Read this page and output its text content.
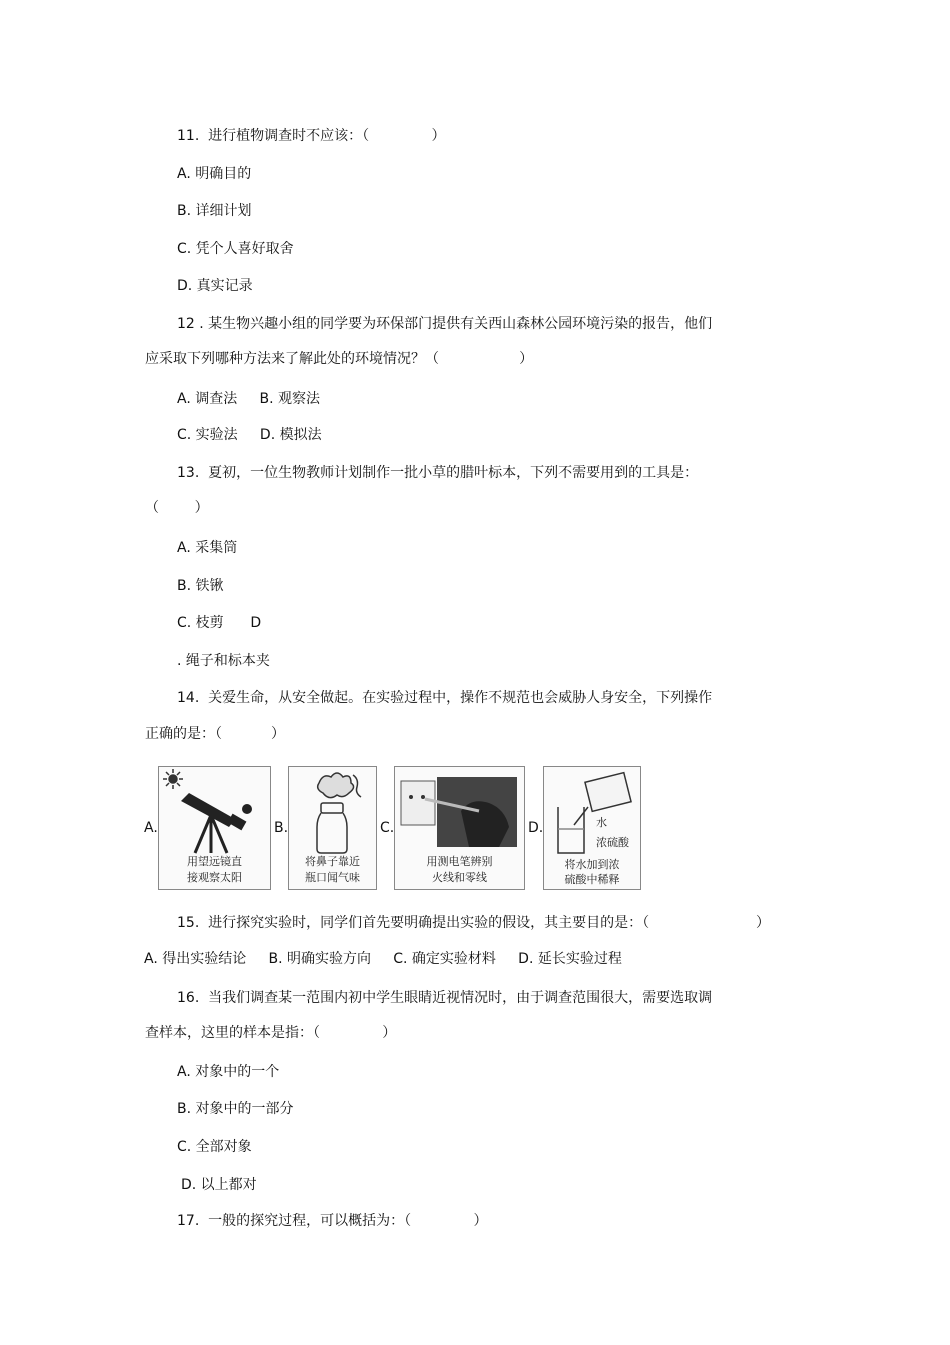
11.  进行植物调查时不应该：（              ）
A. 明确目的
B. 详细计划
C. 凭个人喜好取舍
D. 真实记录
12 . 某生物兴趣小组的同学要为环保部门提供有关西山森林公园环境污染的报告，他们
应采取下列哪种方法来了解此处的环境情况？（                  ）
A. 调查法     B. 观察法
C. 实验法     D. 模拟法
13.  夏初，一位生物教师计划制作一批小草的腊叶标本，下列不需要用到的工具是：
（        ）
A. 采集筒
B. 铁锹
C. 枝剪      D
. 绳子和标本夹
14.  关爱生命，从安全做起。在实验过程中，操作不规范也会威胁人身安全，下列操作
正确的是：（           ）
A.
用望远镜直
接观察太阳
B.
将鼻子靠近
瓶口闻气味
C.
用测电笔辨别
火线和零线
D.	水
浓硫酸
将水加到浓
硫酸中稀释
15.  进行探究实验时，同学们首先要明确提出实验的假设，其主要目的是：（                        ）
A. 得出实验结论     B. 明确实验方向     C. 确定实验材料     D. 延长实验过程
16.  当我们调查某一范围内初中学生眼睛近视情况时，由于调查范围很大，需要选取调
查样本，这里的样本是指：（              ）
A. 对象中的一个
B. 对象中的一部分
C. 全部对象
D. 以上都对
17.  一般的探究过程，可以概括为：（              ）
